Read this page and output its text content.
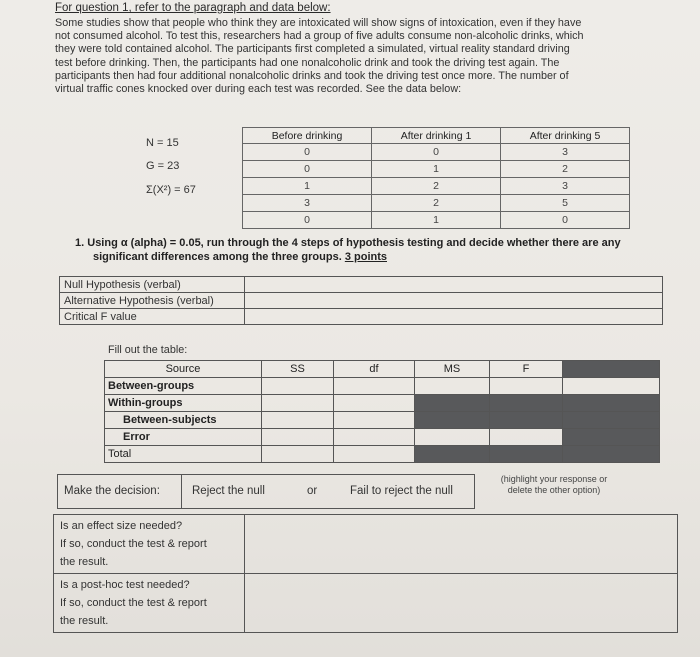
For question 1, refer to the paragraph and data below:
Some studies show that people who think they are intoxicated will show signs of intoxication, even if they have
not consumed alcohol. To test this, researchers had a group of five adults consume non-alcoholic drinks, which
they were told contained alcohol. The participants first completed a simulated, virtual reality standard driving
test before drinking. Then, the participants had one nonalcoholic drink and took the driving test again. The
participants then had four additional nonalcoholic drinks and took the driving test once more. The number of
virtual traffic cones knocked over during each test was recorded. See the data below:
N = 15
G = 23
Σ(X²) = 67
Before drinking	After drinking 1	After drinking 5
0	0	3
0	1	2
1	2	3
3	2	5
0	1	0
1. Using α (alpha) = 0.05, run through the 4 steps of hypothesis testing and decide whether there are any
significant differences among the three groups. 3 points
Null Hypothesis (verbal)	
Alternative Hypothesis (verbal)	
Critical F value	
Fill out the table:
Source	SS	df	MS	F	
Between-groups					
Within-groups					
Between-subjects					
Error					
Total					
Make the decision:	Reject the null	or	Fail to reject the null
(highlight your response or
delete the other option)
Is an effect size needed?
If so, conduct the test & report
the result.	

Is a post-hoc test needed?
If so, conduct the test & report
the result.	
